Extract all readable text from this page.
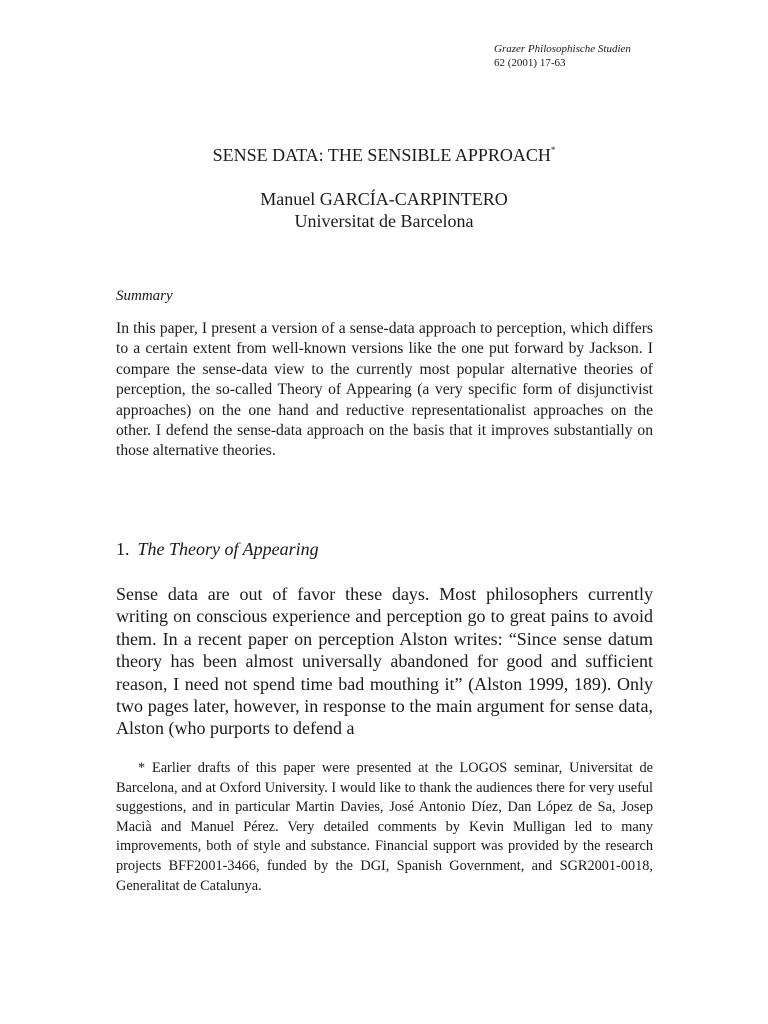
Grazer Philosophische Studien
62 (2001) 17-63
SENSE DATA: THE SENSIBLE APPROACH*
Manuel GARCÍA-CARPINTERO
Universitat de Barcelona
Summary

In this paper, I present a version of a sense-data approach to perception, which differs to a certain extent from well-known versions like the one put forward by Jackson. I compare the sense-data view to the currently most popular alternative theories of perception, the so-called Theory of Appearing (a very specific form of disjunctivist approaches) on the one hand and reductive representationalist approaches on the other. I defend the sense-data approach on the basis that it improves substantially on those alternative theories.

1. The Theory of Appearing

Sense data are out of favor these days. Most philosophers currently writing on conscious experience and perception go to great pains to avoid them. In a recent paper on perception Alston writes: “Since sense datum theory has been almost universally abandoned for good and sufficient reason, I need not spend time bad mouthing it” (Alston 1999, 189). Only two pages later, however, in response to the main argument for sense data, Alston (who purports to defend a

* Earlier drafts of this paper were presented at the LOGOS seminar, Universitat de Barcelona, and at Oxford University. I would like to thank the audiences there for very useful suggestions, and in particular Martin Davies, José Antonio Díez, Dan López de Sa, Josep Macià and Manuel Pérez. Very detailed comments by Kevin Mulligan led to many improvements, both of style and substance. Financial support was provided by the research projects BFF2001-3466, funded by the DGI, Spanish Government, and SGR2001-0018, Generalitat de Catalunya.
